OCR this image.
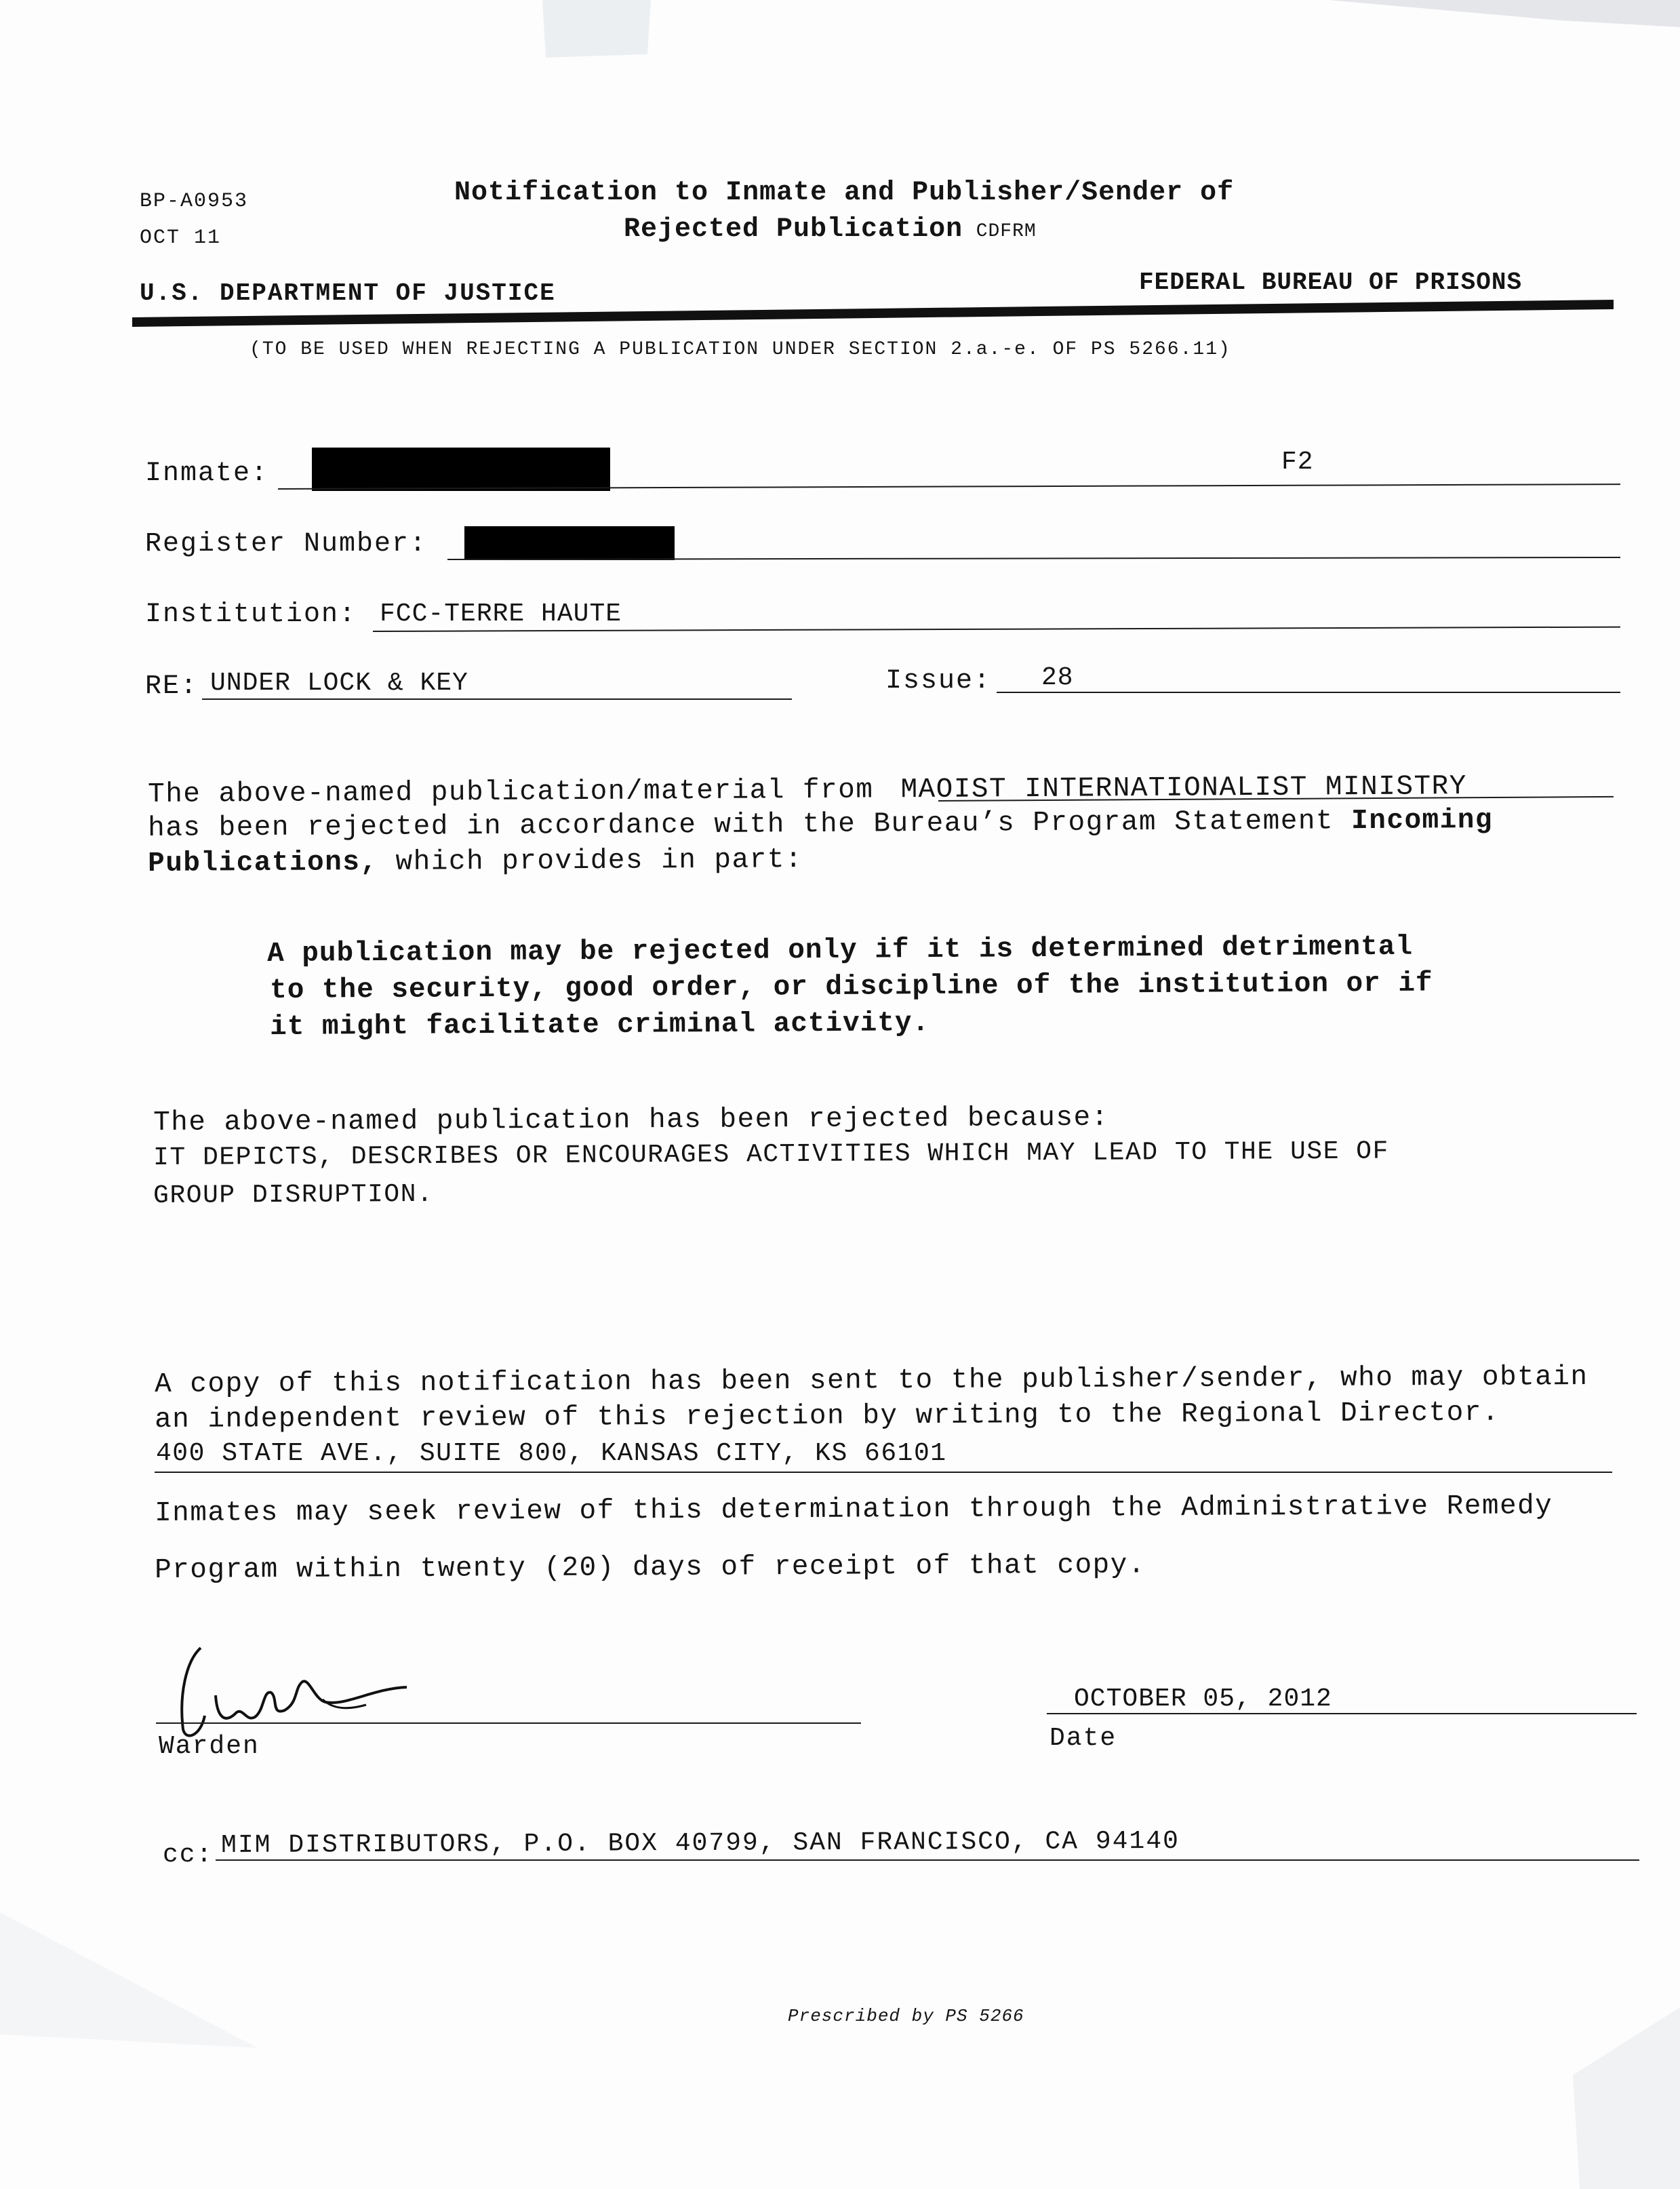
BP-A0953
OCT 11
Notification to Inmate and Publisher/Sender of
Rejected Publication CDFRM
U.S. DEPARTMENT OF JUSTICE	FEDERAL BUREAU OF PRISONS
(TO BE USED WHEN REJECTING A PUBLICATION UNDER SECTION 2.a.-e. OF PS 5266.11)
Inmate:	F2
Register Number:
Institution: FCC-TERRE HAUTE
RE: UNDER LOCK & KEY	Issue: 28
The above-named publication/material from MAOIST INTERNATIONALIST MINISTRY
has been rejected in accordance with the Bureau’s Program Statement Incoming
Publications, which provides in part:
A publication may be rejected only if it is determined detrimental
to the security, good order, or discipline of the institution or if
it might facilitate criminal activity.
The above-named publication has been rejected because:
IT DEPICTS, DESCRIBES OR ENCOURAGES ACTIVITIES WHICH MAY LEAD TO THE USE OF
GROUP DISRUPTION.
A copy of this notification has been sent to the publisher/sender, who may obtain
an independent review of this rejection by writing to the Regional Director.
400 STATE AVE., SUITE 800, KANSAS CITY, KS 66101
Inmates may seek review of this determination through the Administrative Remedy
Program within twenty (20) days of receipt of that copy.
Warden
OCTOBER 05, 2012
Date
cc: MIM DISTRIBUTORS, P.O. BOX 40799, SAN FRANCISCO, CA 94140
Prescribed by PS 5266
